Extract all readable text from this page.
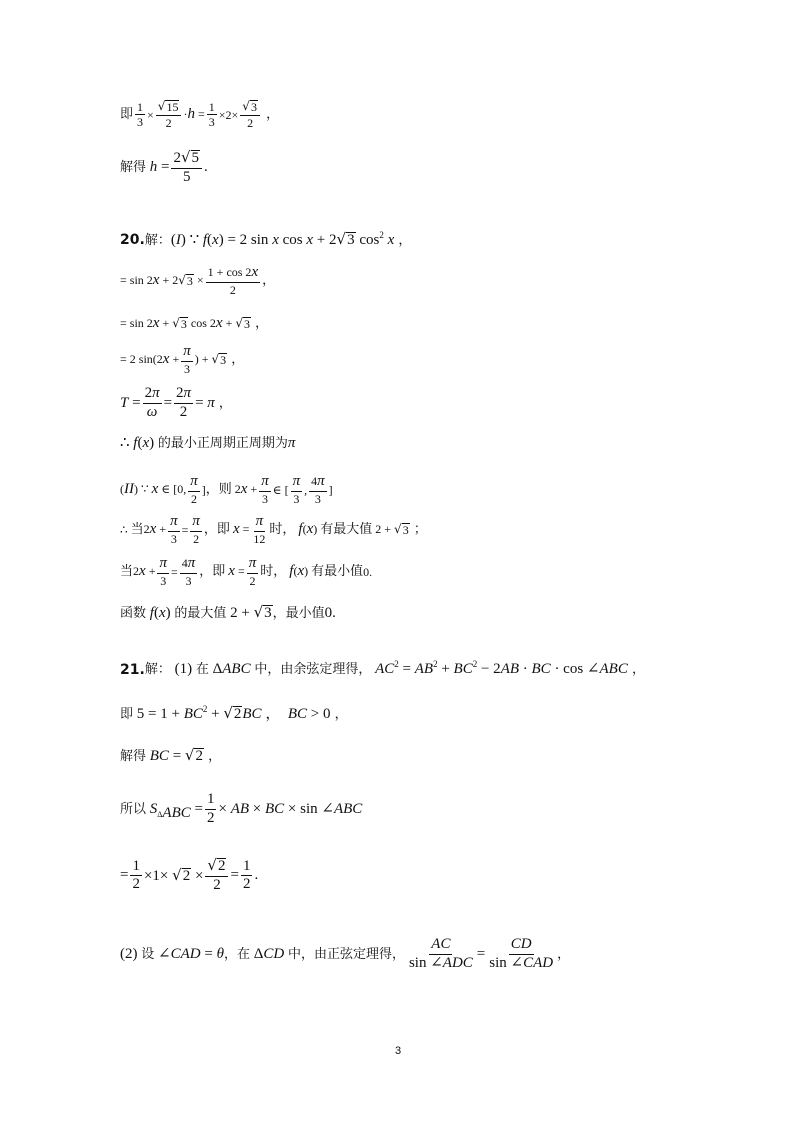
即 $\frac{1}{3} \times \frac{√ 15}{2} \cdot h = \frac{1}{3} \times 2\times \frac{√ 3}{2}$ ，
解得 $h = \frac{2 √ 5}{5}$ .
20. 解： (I) ∵ f(x) = 2 sin x cos x + 2 √ 3 $\cos^2 x$ ，
= sin 2x + 2 √ $3 \times \frac{1 + \cos 2x}{2}$ ，
= sin 2x + √ 3 cos 2x + √ 3 ，
= 2 $\sin(2x + \frac{\pi}{3}$ ) + √ 3 ，
$T = \frac{2\pi}{\omega} = \frac{2\pi}{2} = \pi$ ，
∴ f(x) 的最小正周期正周期为 π
(II) ∵ x ∈ [0, $\frac{\pi}{2}$ ] ，则 $2x + \frac{\pi}{3}$ ∈ [ $\frac{\pi}{3}$ , $\frac{4\pi}{3}$ ]
∴ 当 $2x + \frac{\pi}{3} = \frac{\pi}{2}$ ，即 $x = \frac{\pi}{12}$ 时， f(x) 有最大值 2 + √ 3 ；
当 $2x + \frac{\pi}{3} = \frac{4\pi}{3}$ ，即 $x = \frac{\pi}{2}$ 时， f(x) 有最小值 0.
函数 f(x) 的最大值 2 + √ 3 ，最小值 0.
21. 解： (1) 在 ΔABC 中，由余弦定理得， $AC^2 = AB^2 + BC^2 - 2AB$ · BC · cos ∠ABC ，
即 $5 = 1 + BC^2$ + √ 2 BC ，  BC > 0 ，
解得 BC = √ 2 ，
所以 $S_{\Delta ABC} = \frac{1}{2}$ × AB × BC × sin ∠ABC
= $\frac{1}{2} \times 1\times$ √ $2 \times \frac{√ 2}{2} = \frac{1}{2}$ .
(2) 设 ∠CAD = θ ，在 ΔCD 中，由正弦定理得， $\frac{AC}{\text{sin ∠ADC}} = \frac{CD}{\text{sin ∠CAD}}$ ，
3
